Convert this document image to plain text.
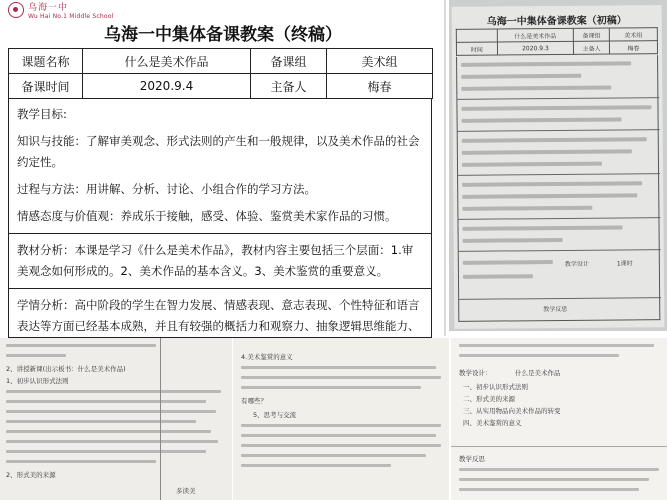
乌海一中
Wu Hai No.1 Middle School
乌海一中集体备课教案（终稿）
课题名称	什么是美术作品	备课组	美术组
备课时间	2020.9.4	主备人	梅春

教学目标:

知识与技能：了解审美观念、形式法则的产生和一般规律，以及美术作品的社会约定性。

过程与方法：用讲解、分析、讨论、小组合作的学习方法。

情感态度与价值观：养成乐于接触，感受、体验、鉴赏美术家作品的习惯。

教材分析：本课是学习《什么是美术作品》，教材内容主要包括三个层面：1.审美观念如何形成的。2、美术作品的基本含义。3、美术鉴赏的重要意义。

学情分析：高中阶段的学生在智力发展、情感表现、意志表现、个性特征和语言表达等方面已经基本成熟，并且有较强的概括力和观察力、抽象逻辑思维能力、

乌海一中集体备课教案（初稿）
	什么是美术作品	备课组	美术组
时间	2020.9.3	主备人	梅春
教学设计	1课时
教学反思
2、讲授新课(出示板书：什么是美术作品)
1、初步认识形式法则
2、形式美的来源
多读美
4.美术鉴赏的意义
有哪些？
5、思考与交流
教学设计：	什么是美术作品
一、初步认识形式法则
二、形式美的来源
三、从实用物品向美术作品的转变
四、美术鉴赏的意义
教学反思
